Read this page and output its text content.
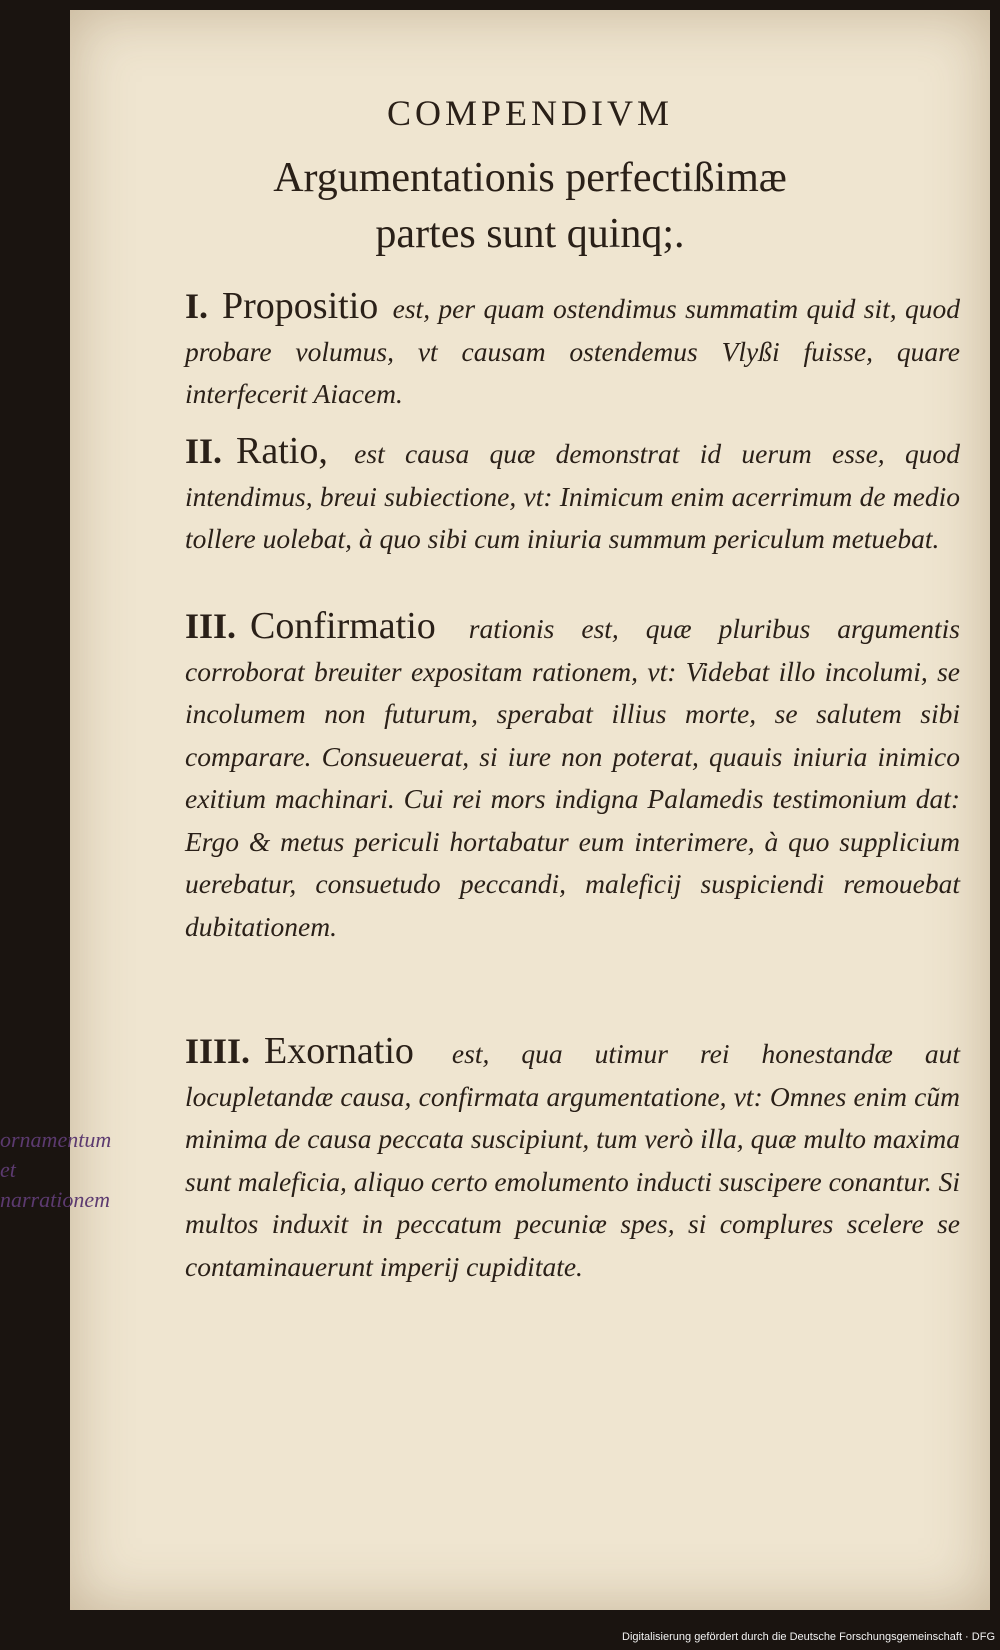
COMPENDIVM
Argumentationis perfectißimæ
partes sunt quinq;.
I. Propositio est, per quam ostendimus summatim quid sit, quod probare volumus, vt causam ostendemus Vlyßi fuisse, quare interfecerit Aiacem.
II. Ratio, est causa quæ demonstrat id uerum esse, quod intendimus, breui subiectione, vt: Inimicum enim acerrimum de medio tollere uolebat, à quo sibi cum iniuria summum periculum metuebat.
III. Confirmatio rationis est, quæ pluribus argumentis corroborat breuiter expositam rationem, vt: Videbat illo incolumi, se incolumem non futurum, sperabat illius morte, se salutem sibi comparare. Consueuerat, si iure non poterat, quauis iniuria inimico exitium machinari. Cui rei mors indigna Palamedis testimonium dat: Ergo & metus periculi hortabatur eum interimere, à quo supplicium uerebatur, consuetudo peccandi, maleficij suspiciendi remouebat dubitationem.
IIII. Exornatio est, qua utimur rei honestandæ aut locupletandæ causa, confirmata argumentatione, vt: Omnes enim cũm minima de causa peccata suscipiunt, tum verò illa, quæ multo maxima sunt maleficia, aliquo certo emolumento inducti suscipere conantur. Si multos induxit in peccatum pecuniæ spes, si complures scelere se contaminauerunt imperij cupiditate.
ornamentum
et narrationem
Digitalisierung gefördert durch die Deutsche Forschungsgemeinschaft · DFG
